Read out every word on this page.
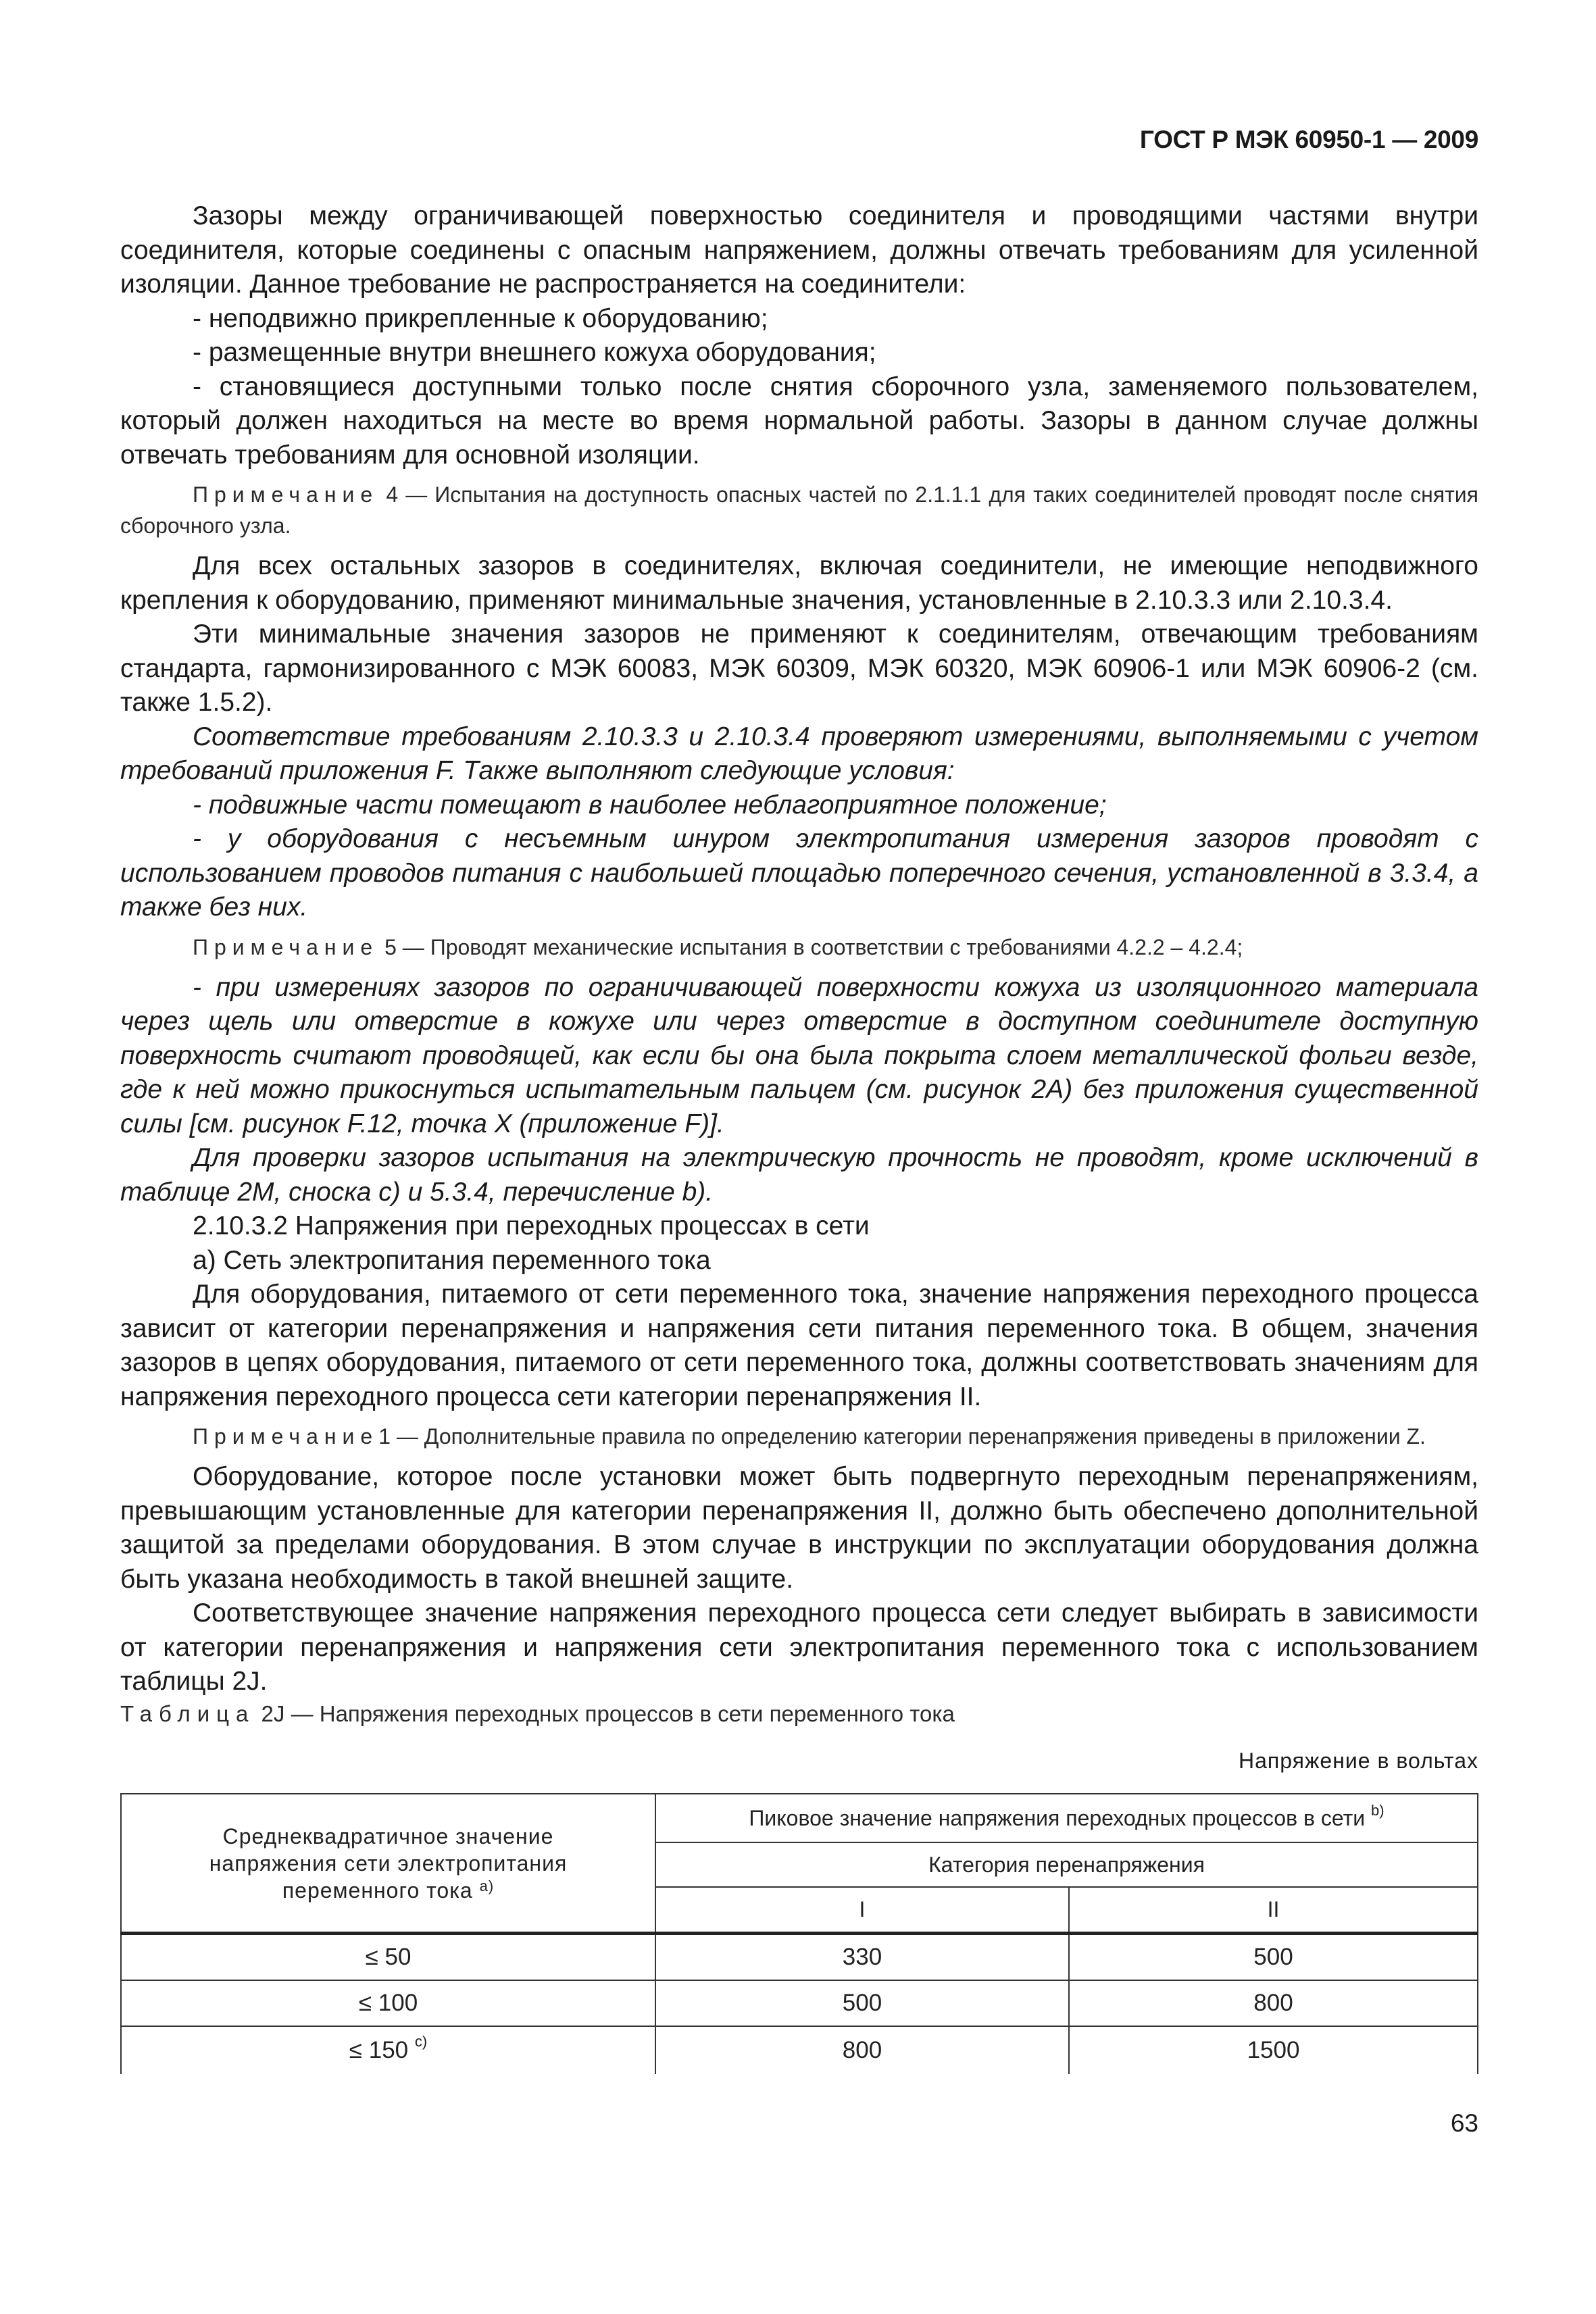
ГОСТ Р МЭК 60950-1 — 2009

Зазоры между ограничивающей поверхностью соединителя и проводящими частями внутри соединителя, которые соединены с опасным напряжением, должны отвечать требованиям для усиленной изоляции. Данное требование не распространяется на соединители:

- неподвижно прикрепленные к оборудованию;

- размещенные внутри внешнего кожуха оборудования;

- становящиеся доступными только после снятия сборочного узла, заменяемого пользователем, который должен находиться на месте во время нормальной работы. Зазоры в данном случае должны отвечать требованиям для основной изоляции.

Примечание 4 — Испытания на доступность опасных частей по 2.1.1.1 для таких соединителей проводят после снятия сборочного узла.

Для всех остальных зазоров в соединителях, включая соединители, не имеющие неподвижного крепления к оборудованию, применяют минимальные значения, установленные в 2.10.3.3 или 2.10.3.4.

Эти минимальные значения зазоров не применяют к соединителям, отвечающим требованиям стандарта, гармонизированного с МЭК 60083, МЭК 60309, МЭК 60320, МЭК 60906-1 или МЭК 60906-2 (см. также 1.5.2).

Соответствие требованиям 2.10.3.3 и 2.10.3.4 проверяют измерениями, выполняемыми с учетом требований приложения F. Также выполняют следующие условия:

- подвижные части помещают в наиболее неблагоприятное положение;

- у оборудования с несъемным шнуром электропитания измерения зазоров проводят с использованием проводов питания с наибольшей площадью поперечного сечения, установленной в 3.3.4, а также без них.

Примечание 5 — Проводят механические испытания в соответствии с требованиями 4.2.2 – 4.2.4;

- при измерениях зазоров по ограничивающей поверхности кожуха из изоляционного материала через щель или отверстие в кожухе или через отверстие в доступном соединителе доступную поверхность считают проводящей, как если бы она была покрыта слоем металлической фольги везде, где к ней можно прикоснуться испытательным пальцем (см. рисунок 2А) без приложения существенной силы [см. рисунок F.12, точка X (приложение F)].

Для проверки зазоров испытания на электрическую прочность не проводят, кроме исключений в таблице 2М, сноска c) и 5.3.4, перечисление b).

2.10.3.2 Напряжения при переходных процессах в сети

а) Сеть электропитания переменного тока

Для оборудования, питаемого от сети переменного тока, значение напряжения переходного процесса зависит от категории перенапряжения и напряжения сети питания переменного тока. В общем, значения зазоров в цепях оборудования, питаемого от сети переменного тока, должны соответствовать значениям для напряжения переходного процесса сети категории перенапряжения II.

Примечание1 — Дополнительные правила по определению категории перенапряжения приведены в приложении Z.

Оборудование, которое после установки может быть подвергнуто переходным перенапряжениям, превышающим установленные для категории перенапряжения II, должно быть обеспечено дополнительной защитой за пределами оборудования. В этом случае в инструкции по эксплуатации оборудования должна быть указана необходимость в такой внешней защите.

Соответствующее значение напряжения переходного процесса сети следует выбирать в зависимости от категории перенапряжения и напряжения сети электропитания переменного тока с использованием таблицы 2J.

Таблица 2J — Напряжения переходных процессов в сети переменного тока
Напряжение в вольтах
Среднеквадратичное значение напряжения сети электропитания переменного тока $^{a)}$	Пиковое значение напряжения переходных процессов в сети $^{b)}$
	Категория перенапряжения	
	I	II
≤ 50	330	500
≤ 100	500	800
≤ 150 $^{c)}$	800	1500
63
